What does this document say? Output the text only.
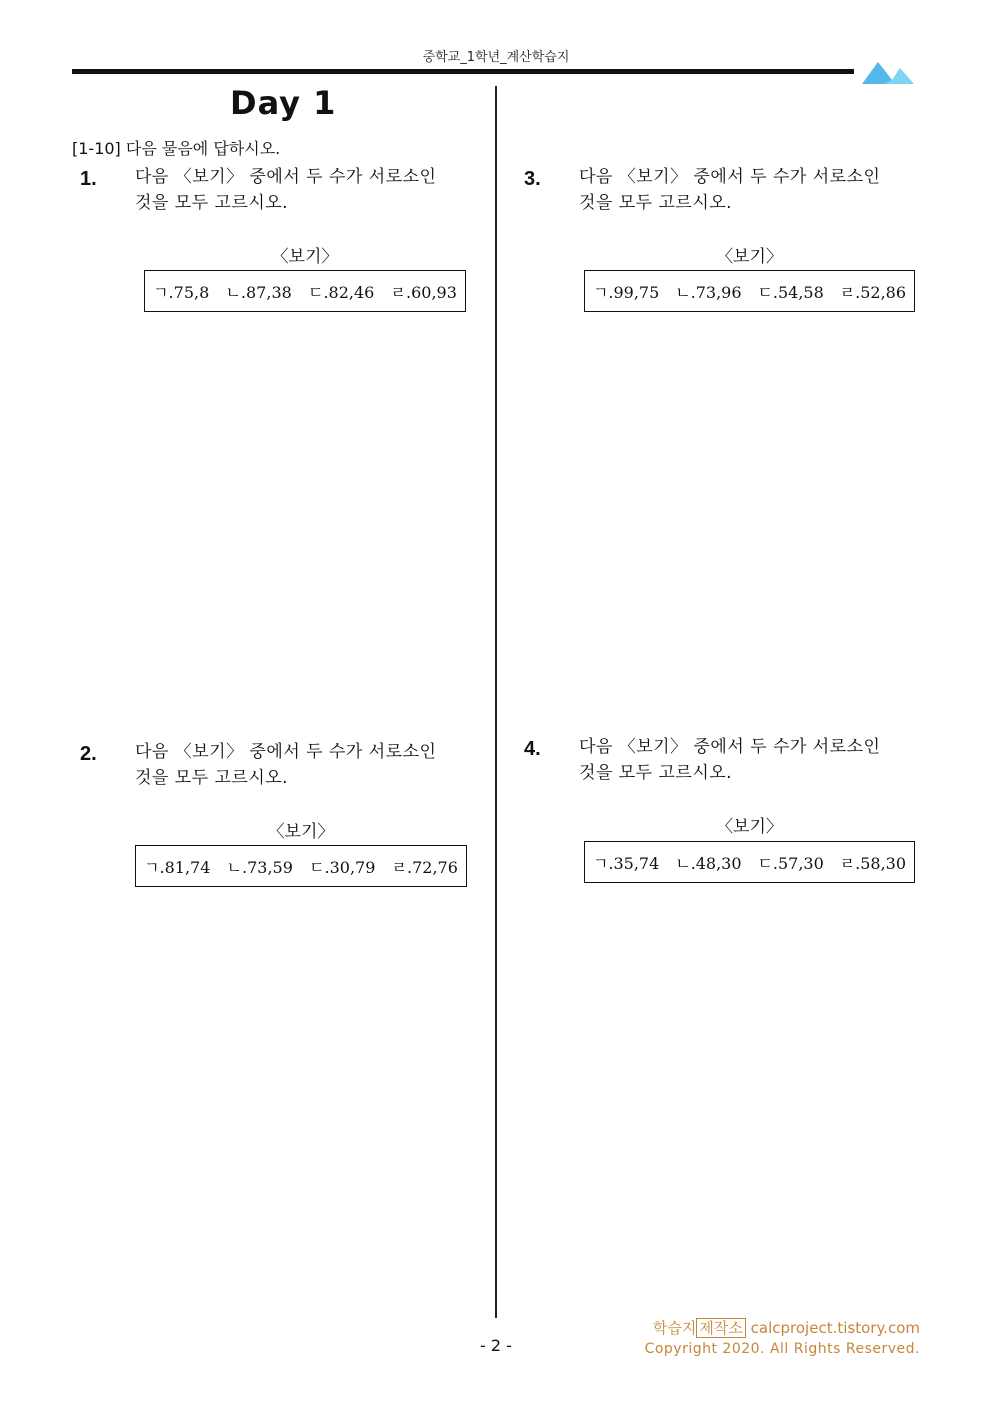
중학교_1학년_계산학습지
Day 1
[1-10] 다음 물음에 답하시오.
1. 다음 〈보기〉 중에서 두 수가 서로소인
것을 모두 고르시오.
〈보기〉
ㄱ.75,8 ㄴ.87,38 ㄷ.82,46 ㄹ.60,93
3. 다음 〈보기〉 중에서 두 수가 서로소인
것을 모두 고르시오.
〈보기〉
ㄱ.99,75 ㄴ.73,96 ㄷ.54,58 ㄹ.52,86
2. 다음 〈보기〉 중에서 두 수가 서로소인
것을 모두 고르시오.
〈보기〉
ㄱ.81,74 ㄴ.73,59 ㄷ.30,79 ㄹ.72,76
4. 다음 〈보기〉 중에서 두 수가 서로소인
것을 모두 고르시오.
〈보기〉
ㄱ.35,74 ㄴ.48,30 ㄷ.57,30 ㄹ.58,30
- 2 -
학습지 제작소 calcproject.tistory.com
Copyright 2020. All Rights Reserved.
